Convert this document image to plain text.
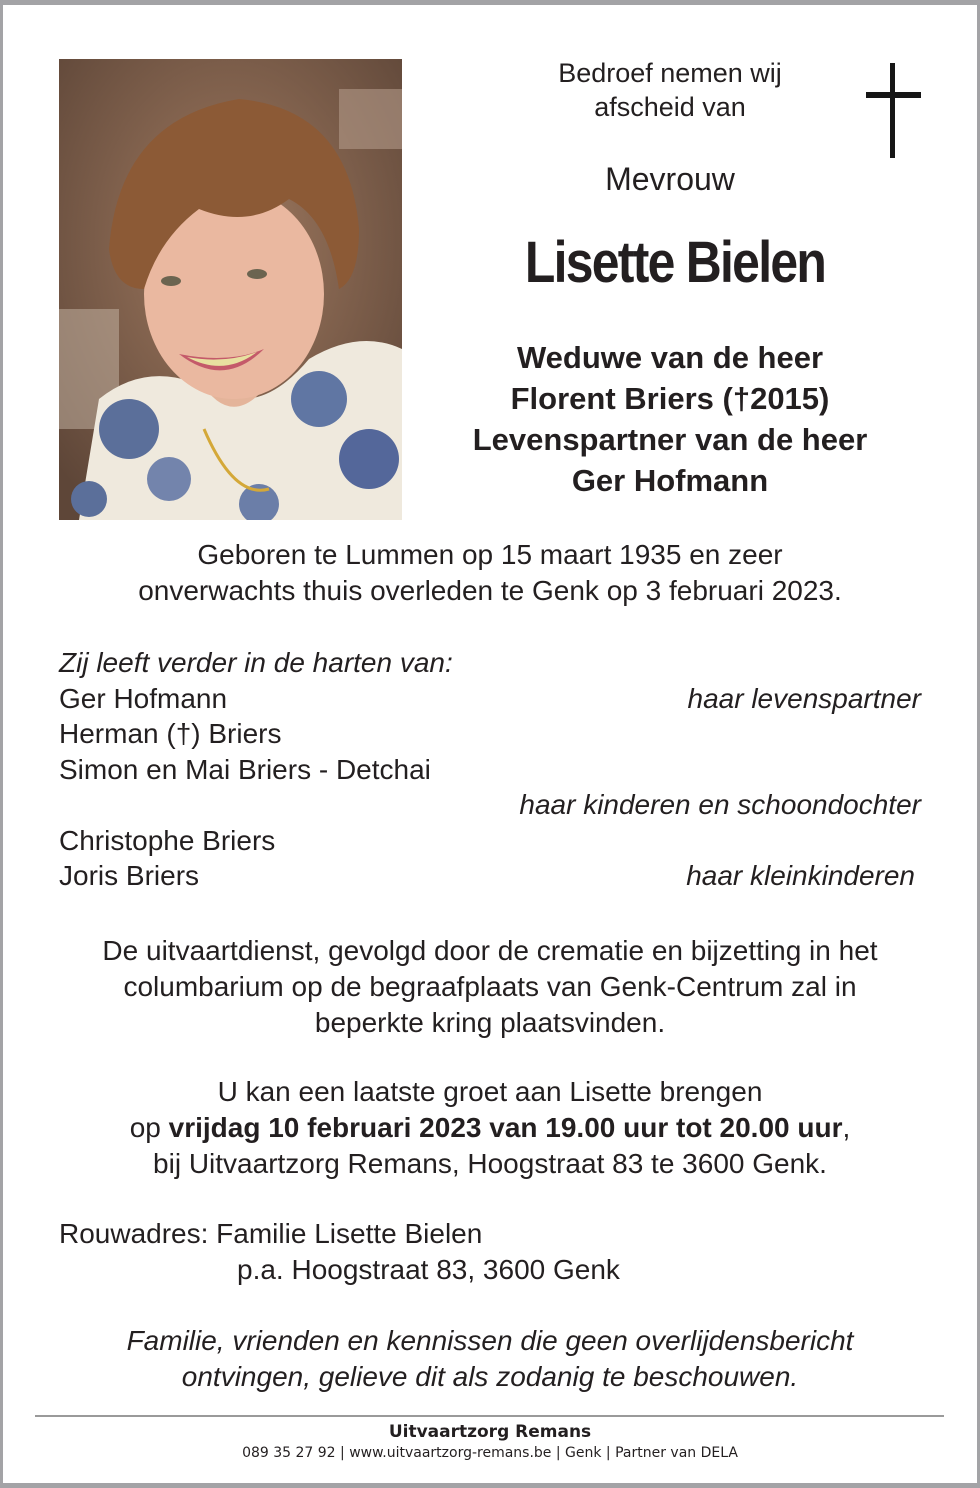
Bedroef nemen wij
afscheid van
Mevrouw
Lisette Bielen
Weduwe van de heer
Florent Briers (†2015)
Levenspartner van de heer
Ger Hofmann
Geboren te Lummen op 15 maart 1935 en zeer
onverwachts thuis overleden te Genk op 3 februari 2023.
Zij leeft verder in de harten van:
Ger Hofmann	haar levenspartner
Herman (†) Briers
Simon en Mai Briers - Detchai
haar kinderen en schoondochter
Christophe Briers
Joris Briers	haar kleinkinderen
De uitvaartdienst, gevolgd door de crematie en bijzetting in het
columbarium op de begraafplaats van Genk-Centrum zal in
beperkte kring plaatsvinden.
U kan een laatste groet aan Lisette brengen
op vrijdag 10 februari 2023 van 19.00 uur tot 20.00 uur,
bij Uitvaartzorg Remans, Hoogstraat 83 te 3600 Genk.
Rouwadres: Familie Lisette Bielen
p.a. Hoogstraat 83, 3600 Genk
Familie, vrienden en kennissen die geen overlijdensbericht
ontvingen, gelieve dit als zodanig te beschouwen.
Uitvaartzorg Remans
089 35 27 92 | www.uitvaartzorg-remans.be | Genk | Partner van DELA
